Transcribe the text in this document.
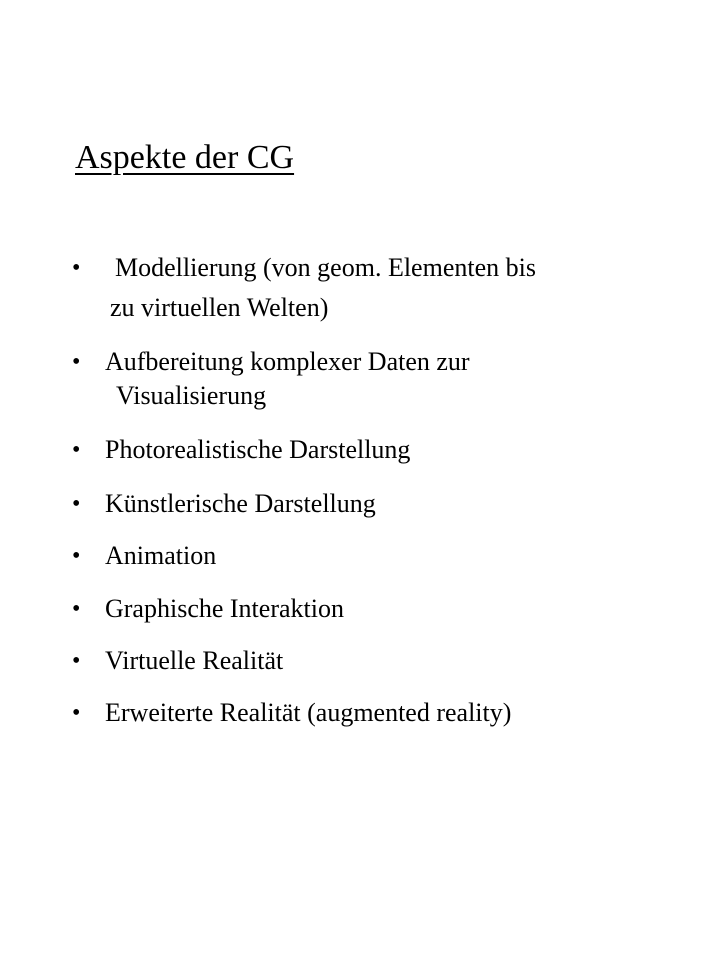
Aspekte der CG
• Modellierung (von geom. Elementen bis
zu virtuellen Welten)
• Aufbereitung komplexer Daten zur
Visualisierung
• Photorealistische Darstellung
• Künstlerische Darstellung
• Animation
• Graphische Interaktion
• Virtuelle Realität
• Erweiterte Realität (augmented reality)
